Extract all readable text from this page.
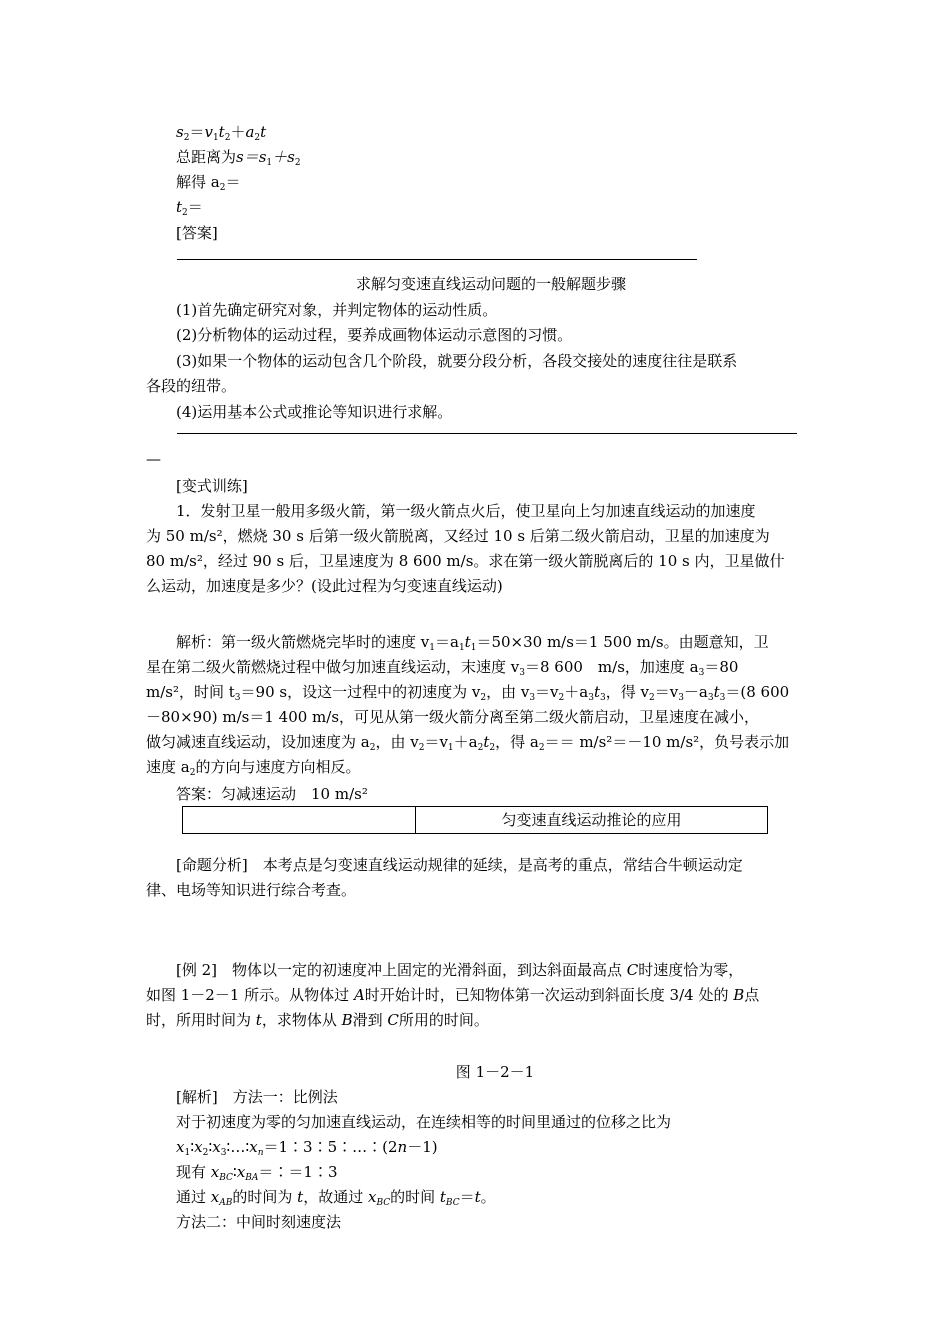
$s_2=v_1t_2+a_2t$
总距离为$s=s_1+s_2$
解得 $a_2=$
$t_2=$
[答案]
求解匀变速直线运动问题的一般解题步骤
(1)首先确定研究对象，并判定物体的运动性质。
(2)分析物体的运动过程，要养成画物体运动示意图的习惯。
(3)如果一个物体的运动包含几个阶段，就要分段分析，各段交接处的速度往往是联系
各段的纽带。
(4)运用基本公式或推论等知识进行求解。
—
[变式训练]
1．发射卫星一般用多级火箭，第一级火箭点火后，使卫星向上匀加速直线运动的加速度
为 50 m/s²，燃烧 30 s 后第一级火箭脱离，又经过 10 s 后第二级火箭启动，卫星的加速度为
80 m/s²，经过 90 s 后，卫星速度为 8 600 m/s。求在第一级火箭脱离后的 10 s 内，卫星做什
么运动，加速度是多少？(设此过程为匀变速直线运动)
解析：第一级火箭燃烧完毕时的速度 $v_1=a_1t_1=50\times 30$ m/s＝1 500 m/s。由题意知，卫
星在第二级火箭燃烧过程中做匀加速直线运动，末速度 $v_3=8$ 600　m/s，加速度 $a_3=80$
m/s²，时间 $t_3=90$ s，设这一过程中的初速度为 $v_2$，由 $v_3=v_2+a_3t_3$，得 $v_2=v_3-a_3t_3=(8$ 600
－80×90) m/s＝1 400 m/s，可见从第一级火箭分离至第二级火箭启动，卫星速度在减小，
做匀减速直线运动，设加速度为 $a_2$，由 $v_2=v_1+a_2t_2$，得 $a_2== m/s^2=-10$ m/s²，负号表示加
速度 $a_2$的方向与速度方向相反。
答案：匀减速运动　10 m/s²
匀变速直线运动推论的应用
[命题分析]　本考点是匀变速直线运动规律的延续，是高考的重点，常结合牛顿运动定
律、电场等知识进行综合考查。
[例 2]　物体以一定的初速度冲上固定的光滑斜面，到达斜面最高点 C时速度恰为零，
如图 1－2－1 所示。从物体过 A时开始计时，已知物体第一次运动到斜面长度 3/4 处的 B点
时，所用时间为 t，求物体从 B滑到 C所用的时间。
图 1－2－1
[解析]　方法一：比例法
对于初速度为零的匀加速直线运动，在连续相等的时间里通过的位移之比为
$x_1∶x_2∶x_3∶\dots∶x_n=1∶3∶5∶\dots∶(2n-1)$
现有 $x_{BC}∶x_{BA}=∶=1∶3$
通过 $x_{AB}$的时间为 t，故通过 $x_{BC}$的时间 $t_{BC}=t$。
方法二：中间时刻速度法
